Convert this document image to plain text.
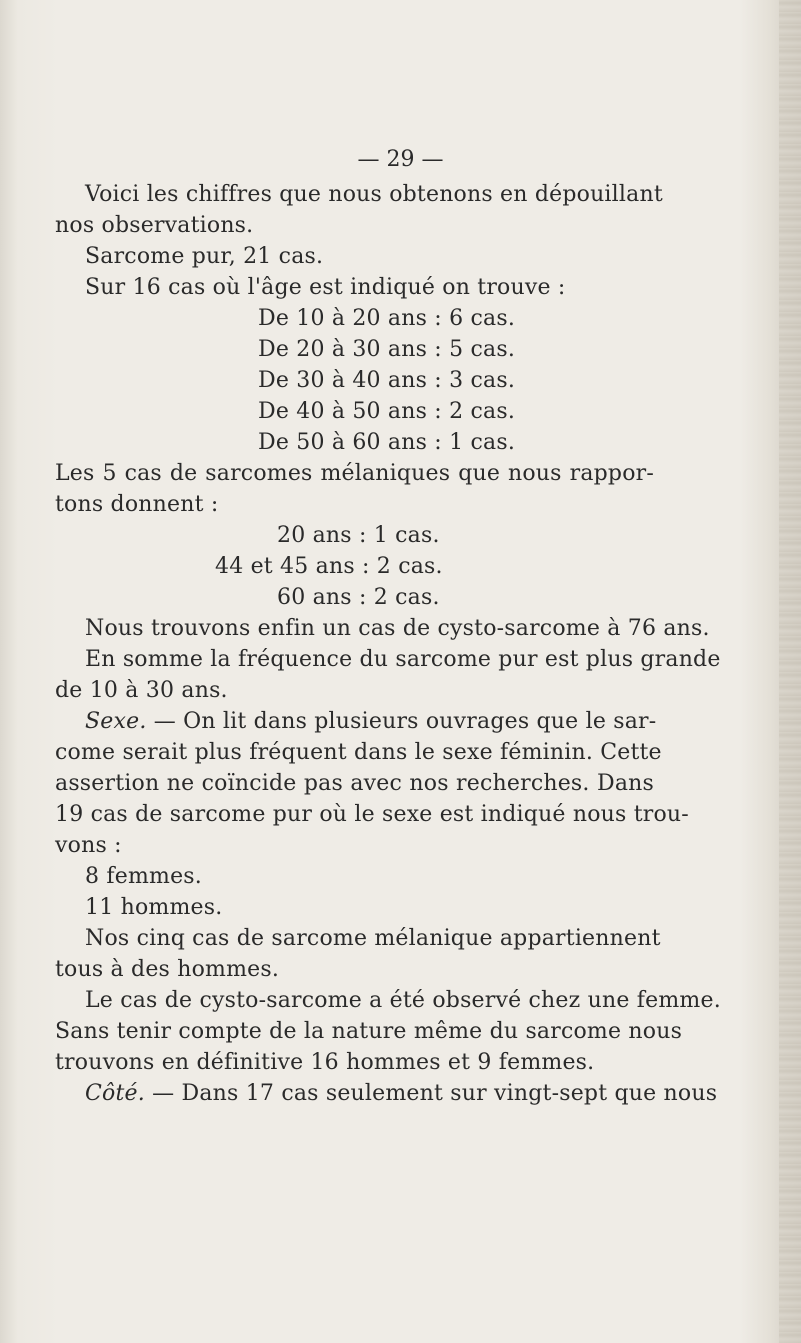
— 29 —
Voici les chiffres que nous obtenons en dépouillant
nos observations.
Sarcome pur, 21 cas.
Sur 16 cas où l'âge est indiqué on trouve :
De 10 à 20 ans : 6 cas.
De 20 à 30 ans : 5 cas.
De 30 à 40 ans : 3 cas.
De 40 à 50 ans : 2 cas.
De 50 à 60 ans : 1 cas.
Les 5 cas de sarcomes mélaniques que nous rappor-
tons donnent :
20 ans : 1 cas.
44 et 45 ans : 2 cas.
60 ans : 2 cas.
Nous trouvons enfin un cas de cysto-sarcome à 76 ans.
En somme la fréquence du sarcome pur est plus grande
de 10 à 30 ans.
Sexe. — On lit dans plusieurs ouvrages que le sar-
come serait plus fréquent dans le sexe féminin. Cette
assertion ne coïncide pas avec nos recherches. Dans
19 cas de sarcome pur où le sexe est indiqué nous trou-
vons :
8 femmes.
11 hommes.
Nos cinq cas de sarcome mélanique appartiennent
tous à des hommes.
Le cas de cysto-sarcome a été observé chez une femme.
Sans tenir compte de la nature même du sarcome nous
trouvons en définitive 16 hommes et 9 femmes.
Côté. — Dans 17 cas seulement sur vingt-sept que nous
